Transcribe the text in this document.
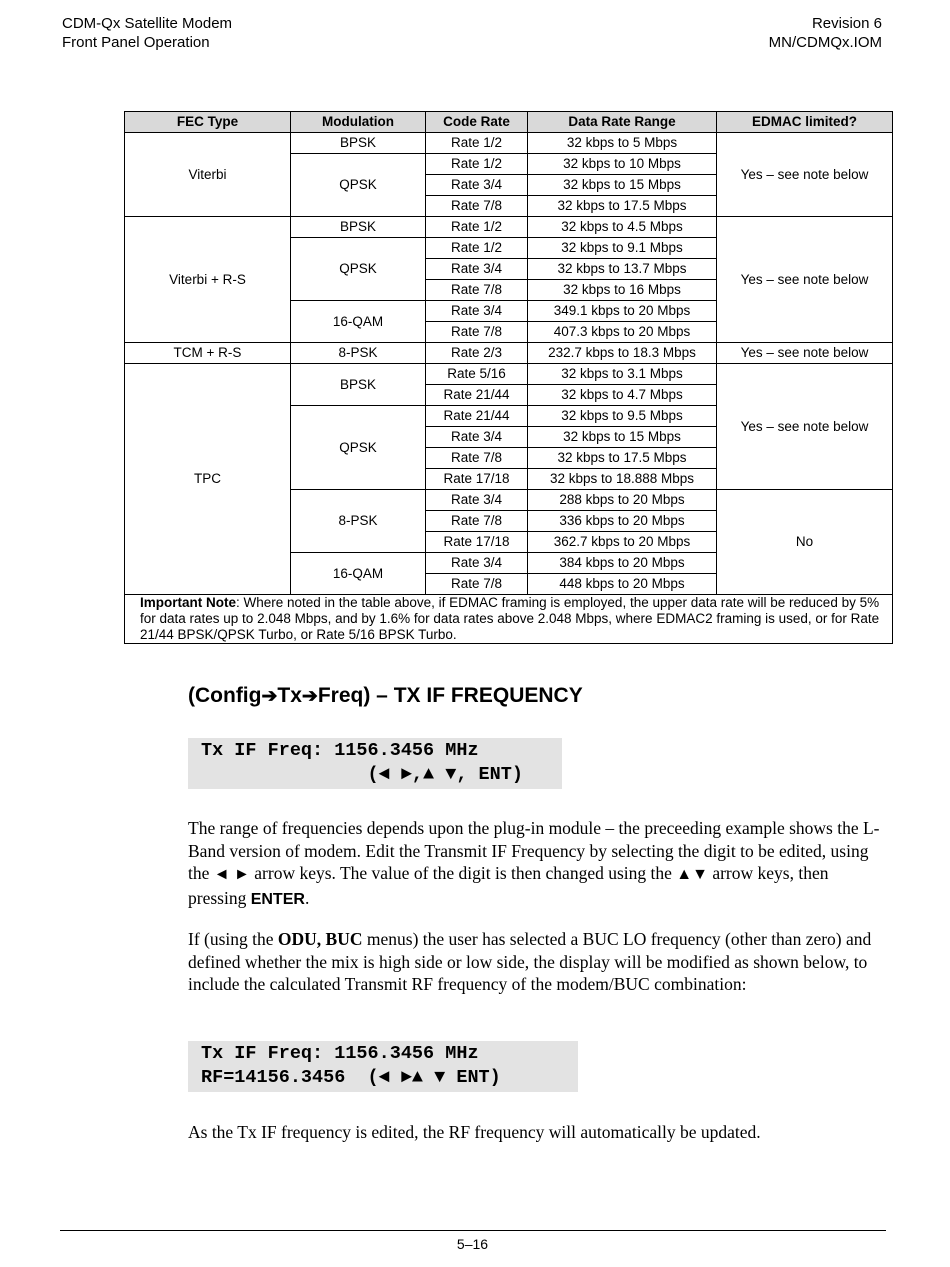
CDM-Qx Satellite Modem
Front Panel Operation
Revision 6
MN/CDMQx.IOM
FEC Type	Modulation	Code Rate	Data Rate Range	EDMAC limited?
Viterbi	BPSK	Rate 1/2	32 kbps to 5 Mbps	Yes – see note below
	QPSK	Rate 1/2	32 kbps to 10 Mbps	
		Rate 3/4	32 kbps to 15 Mbps	
		Rate 7/8	32 kbps to 17.5 Mbps	
Viterbi + R-S	BPSK	Rate 1/2	32 kbps to 4.5 Mbps	Yes – see note below
	QPSK	Rate 1/2	32 kbps to 9.1 Mbps	
		Rate 3/4	32 kbps to 13.7 Mbps	
		Rate 7/8	32 kbps to 16 Mbps	
	16-QAM	Rate 3/4	349.1 kbps to 20 Mbps	
		Rate 7/8	407.3 kbps to 20 Mbps	
TCM + R-S	8-PSK	Rate 2/3	232.7 kbps to 18.3 Mbps	Yes – see note below
TPC	BPSK	Rate 5/16	32 kbps to 3.1 Mbps	Yes – see note below
		Rate 21/44	32 kbps to 4.7 Mbps	
	QPSK	Rate 21/44	32 kbps to 9.5 Mbps	
		Rate 3/4	32 kbps to 15 Mbps	
		Rate 7/8	32 kbps to 17.5 Mbps	
		Rate 17/18	32 kbps to 18.888 Mbps	
	8-PSK	Rate 3/4	288 kbps to 20 Mbps	No
		Rate 7/8	336 kbps to 20 Mbps	
		Rate 17/18	362.7 kbps to 20 Mbps	
	16-QAM	Rate 3/4	384 kbps to 20 Mbps	
		Rate 7/8	448 kbps to 20 Mbps	
Important Note: Where noted in the table above, if EDMAC framing is employed, the upper data rate will be reduced by 5% for data rates up to 2.048 Mbps, and by 1.6% for data rates above 2.048 Mbps, where EDMAC2 framing is used, or for Rate 21/44 BPSK/QPSK Turbo, or Rate 5/16 BPSK Turbo.				
(Config➔Tx➔Freq) – TX IF FREQUENCY
Tx IF Freq: 1156.3456 MHz
(◄ ►,▲ ▼, ENT)

The range of frequencies depends upon the plug-in module – the preceeding example shows the L-Band version of modem. Edit the Transmit IF Frequency by selecting the digit to be edited, using the ◄ ► arrow keys. The value of the digit is then changed using the ▲▼ arrow keys, then pressing ENTER.

If (using the ODU, BUC menus) the user has selected a BUC LO frequency (other than zero) and defined whether the mix is high side or low side, the display will be modified as shown below, to include the calculated Transmit RF frequency of the modem/BUC combination:

Tx IF Freq: 1156.3456 MHz
RF=14156.3456  (◄ ►▲ ▼ ENT)

As the Tx IF frequency is edited, the RF frequency will automatically be updated.

5–16
